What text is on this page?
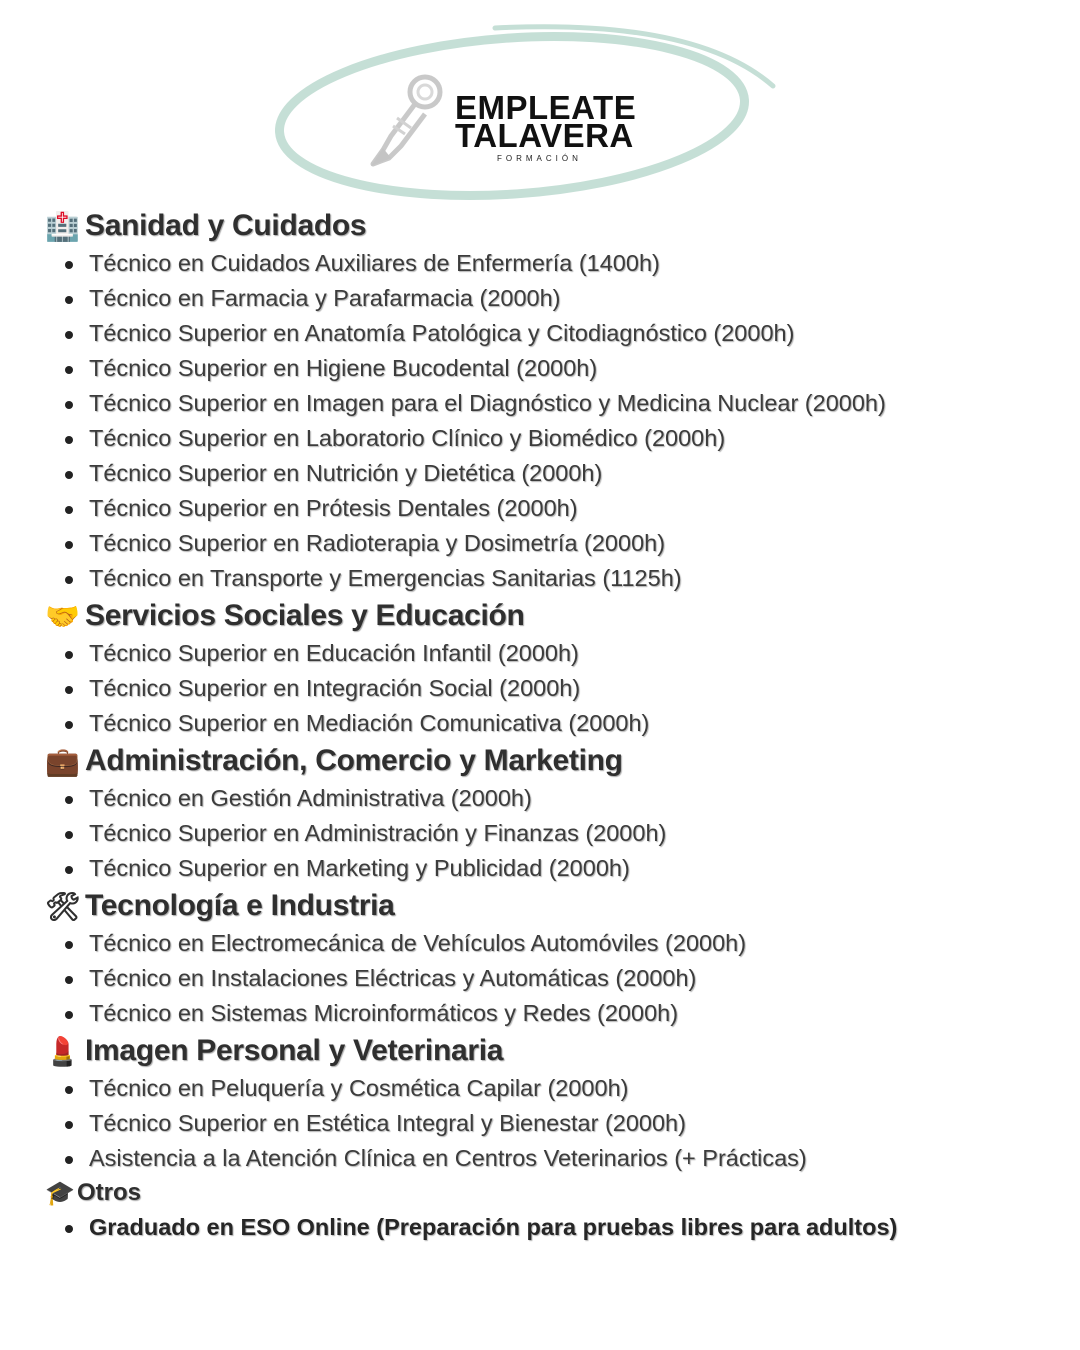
EMPLEATE
TALAVERA
FORMACIÓN
🏥 Sanidad y Cuidados
Técnico en Cuidados Auxiliares de Enfermería (1400h)
Técnico en Farmacia y Parafarmacia (2000h)
Técnico Superior en Anatomía Patológica y Citodiagnóstico (2000h)
Técnico Superior en Higiene Bucodental (2000h)
Técnico Superior en Imagen para el Diagnóstico y Medicina Nuclear (2000h)
Técnico Superior en Laboratorio Clínico y Biomédico (2000h)
Técnico Superior en Nutrición y Dietética (2000h)
Técnico Superior en Prótesis Dentales (2000h)
Técnico Superior en Radioterapia y Dosimetría (2000h)
Técnico en Transporte y Emergencias Sanitarias (1125h)
🤝 Servicios Sociales y Educación
Técnico Superior en Educación Infantil (2000h)
Técnico Superior en Integración Social (2000h)
Técnico Superior en Mediación Comunicativa (2000h)
💼 Administración, Comercio y Marketing
Técnico en Gestión Administrativa (2000h)
Técnico Superior en Administración y Finanzas (2000h)
Técnico Superior en Marketing y Publicidad (2000h)
🛠 Tecnología e Industria
Técnico en Electromecánica de Vehículos Automóviles (2000h)
Técnico en Instalaciones Eléctricas y Automáticas (2000h)
Técnico en Sistemas Microinformáticos y Redes (2000h)
💄 Imagen Personal y Veterinaria
Técnico en Peluquería y Cosmética Capilar (2000h)
Técnico Superior en Estética Integral y Bienestar (2000h)
Asistencia a la Atención Clínica en Centros Veterinarios (+ Prácticas)
🎓 Otros
Graduado en ESO Online (Preparación para pruebas libres para adultos)
